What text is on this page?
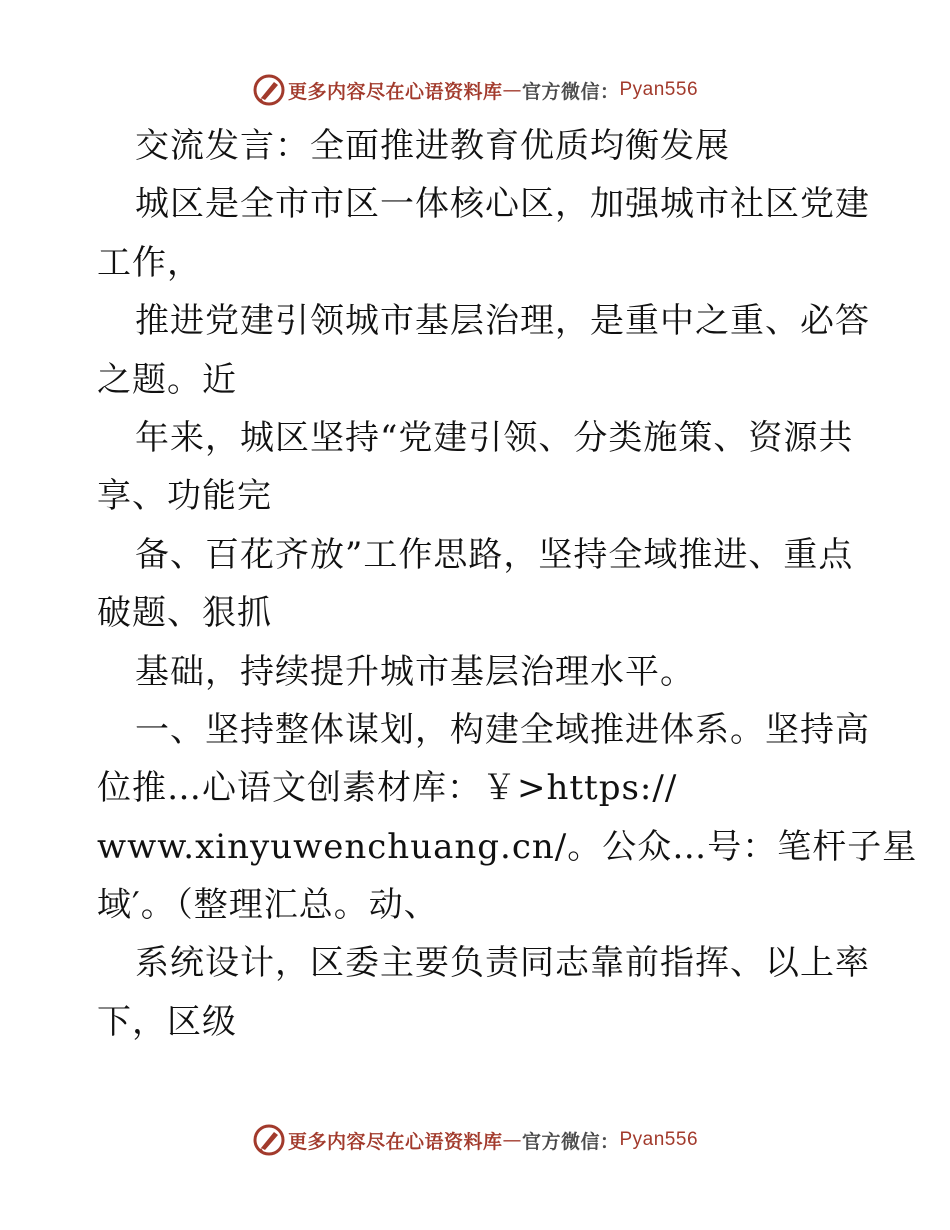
更多内容尽在心语资料库 — 官方微信： Pyan556
交流发言：全面推进教育优质均衡发展
城区是全市市区一体核心区，加强城市社区党建
工作，
推进党建引领城市基层治理，是重中之重、必答
之题。近
年来，城区坚持“党建引领、分类施策、资源共
享、功能完
备、百花齐放”工作思路，坚持全域推进、重点
破题、狠抓
基础，持续提升城市基层治理水平。
一、坚持整体谋划，构建全域推进体系。坚持高
位推…心语文创素材库：￥>https://
www.xinyuwenchuang.cn/。公众…号：笔杆子星
域′。（整理汇总。动、
系统设计，区委主要负责同志靠前指挥、以上率
下，区级
更多内容尽在心语资料库 — 官方微信： Pyan556
